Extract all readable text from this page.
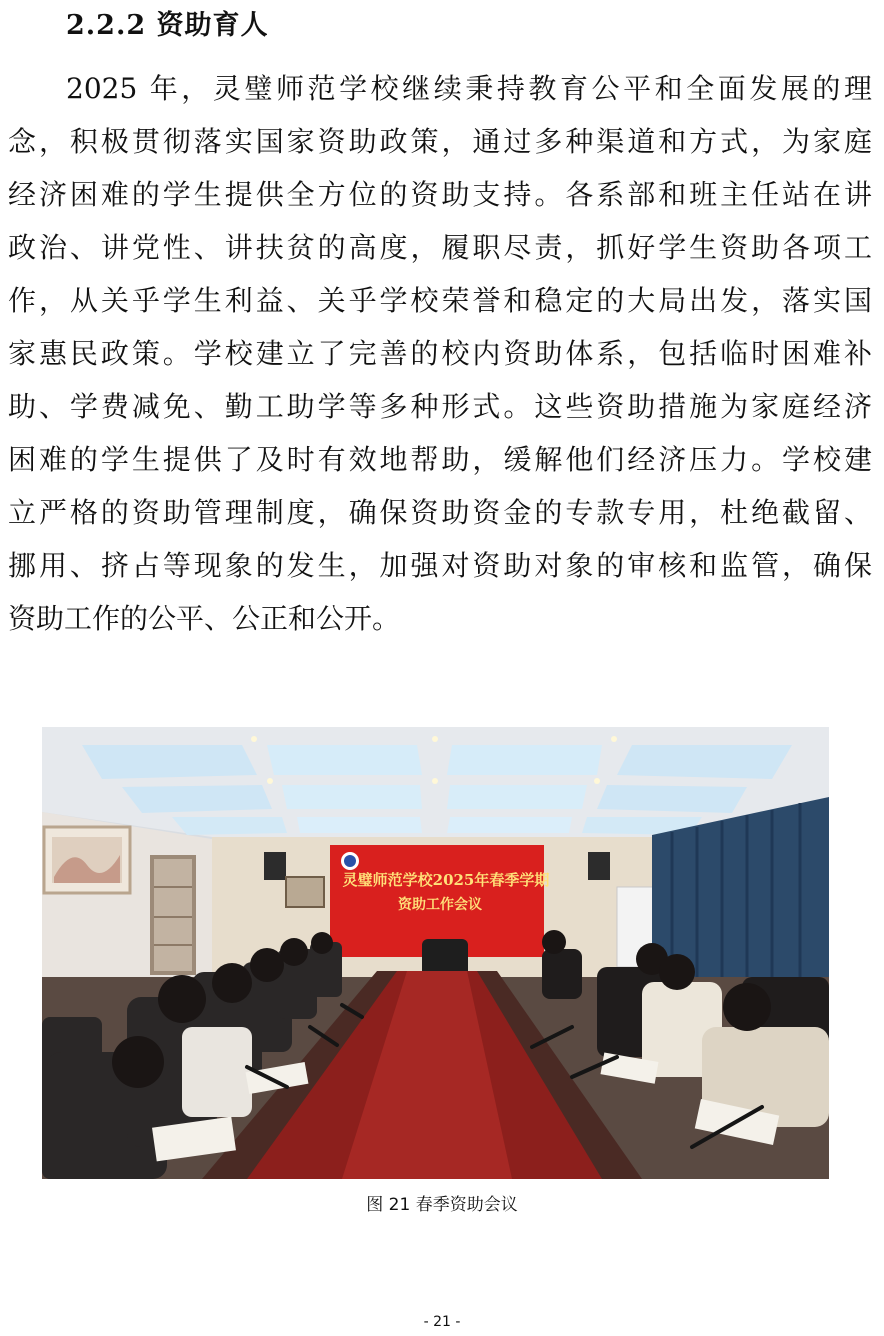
2.2.2 资助育人
2025 年，灵璧师范学校继续秉持教育公平和全面发展的理
念，积极贯彻落实国家资助政策，通过多种渠道和方式，为家庭
经济困难的学生提供全方位的资助支持。各系部和班主任站在讲
政治、讲党性、讲扶贫的高度，履职尽责，抓好学生资助各项工
作，从关乎学生利益、关乎学校荣誉和稳定的大局出发，落实国
家惠民政策。学校建立了完善的校内资助体系，包括临时困难补
助、学费减免、勤工助学等多种形式。这些资助措施为家庭经济
困难的学生提供了及时有效地帮助，缓解他们经济压力。学校建
立严格的资助管理制度，确保资助资金的专款专用，杜绝截留、
挪用、挤占等现象的发生，加强对资助对象的审核和监管，确保
资助工作的公平、公正和公开。
灵璧师范学校2025年春季学期
资助工作会议
图 21 春季资助会议
- 21 -
